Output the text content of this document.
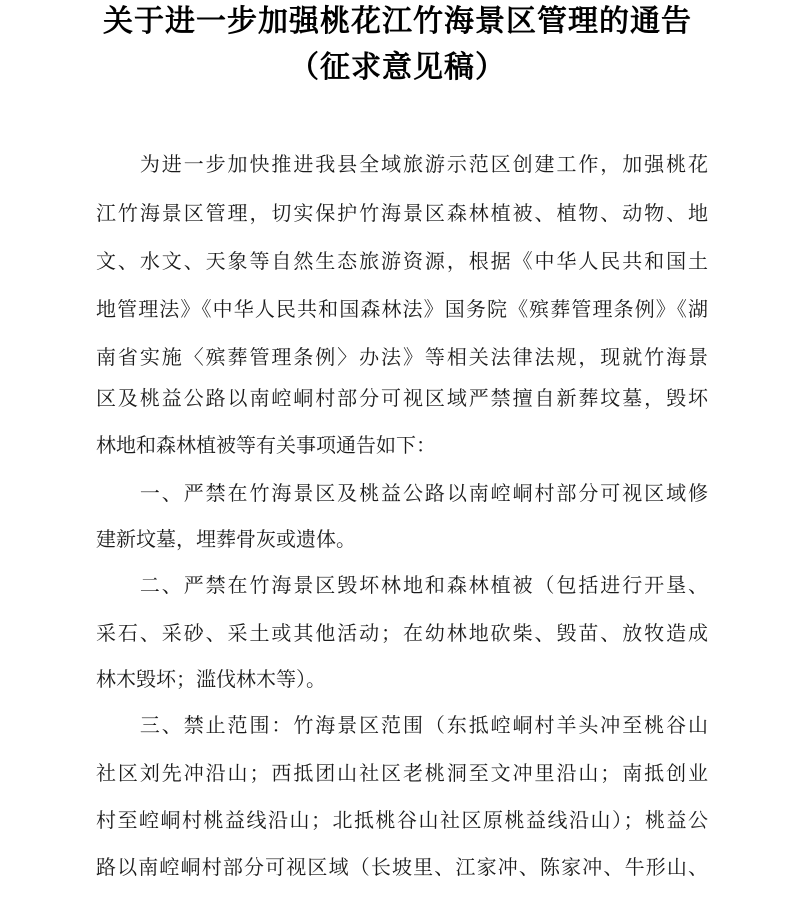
关于进一步加强桃花江竹海景区管理的通告
（征求意见稿）
　　为进一步加快推进我县全域旅游示范区创建工作，加强桃花
江竹海景区管理，切实保护竹海景区森林植被、植物、动物、地
文、水文、天象等自然生态旅游资源，根据《中华人民共和国土
地管理法》《中华人民共和国森林法》国务院《殡葬管理条例》《湖
南省实施〈殡葬管理条例〉办法》等相关法律法规，现就竹海景
区及桃益公路以南崆峒村部分可视区域严禁擅自新葬坟墓，毁坏
林地和森林植被等有关事项通告如下：
　　一、严禁在竹海景区及桃益公路以南崆峒村部分可视区域修
建新坟墓，埋葬骨灰或遗体。
　　二、严禁在竹海景区毁坏林地和森林植被（包括进行开垦、
采石、采砂、采土或其他活动；在幼林地砍柴、毁苗、放牧造成
林木毁坏；滥伐林木等）。
　　三、禁止范围：竹海景区范围（东抵崆峒村羊头冲至桃谷山
社区刘先冲沿山；西抵团山社区老桃洞至文冲里沿山；南抵创业
村至崆峒村桃益线沿山；北抵桃谷山社区原桃益线沿山）；桃益公
路以南崆峒村部分可视区域（长坡里、江家冲、陈家冲、牛形山、
